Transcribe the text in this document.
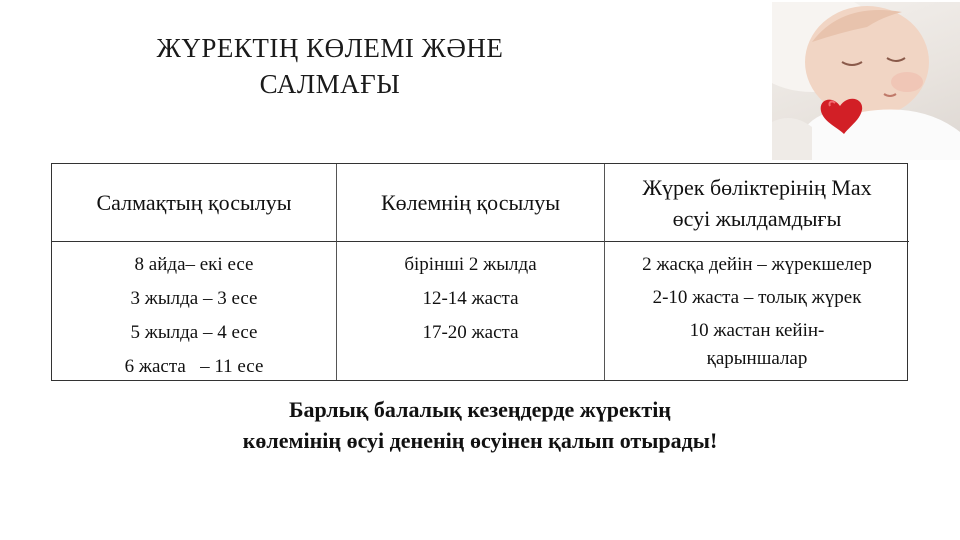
ЖҮРЕКТІҢ КӨЛЕМІ ЖӘНЕ
САЛМАҒЫ
Салмақтың қосылуы	Көлемнің қосылуы
Жүрек бөліктерінің Max
өсуі жылдамдығы
8 айда– екі есе
3 жылда – 3 есе
5 жылда – 4 есе
6 жаста   – 11 есе
бірінші 2 жылда
12-14 жаста
17-20 жаста
2 жасқа дейін – жүрекшелер
2-10 жаста – толық жүрек
10 жастан кейін-
қарыншалар
Барлық балалық кезеңдерде жүректің
көлемінің өсуі дененің өсуінен қалып отырады!
